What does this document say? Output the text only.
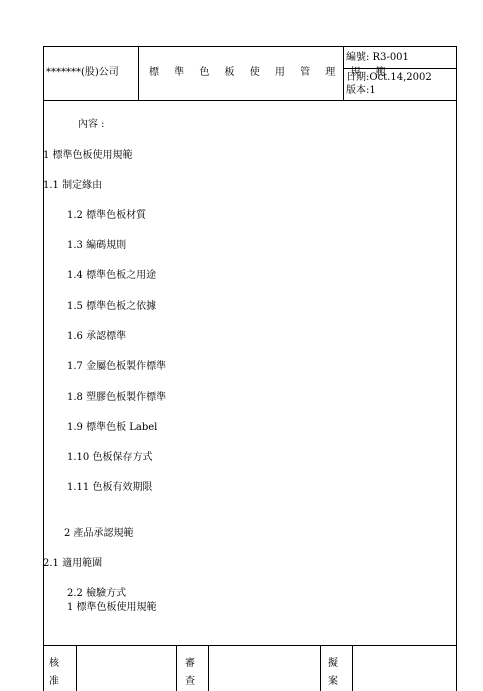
*******(股)公司	標 準 色 板 使 用 管 理 規 範
編號: R3-001
日期:Oct.14,2002
版本:1
內容 :
1 標準色板使用規範
1.1 制定緣由
1.2 標準色板材質
1.3 編碼規則
1.4 標準色板之用途
1.5 標準色板之依據
1.6 承認標準
1.7 金屬色板製作標準
1.8 塑膠色板製作標準
1.9 標準色板 Label
1.10 色板保存方式
1.11 色板有效期限
2 產品承認規範
2.1 適用範圍
2.2 檢驗方式
1 標準色板使用規範
核准
審查
擬案
